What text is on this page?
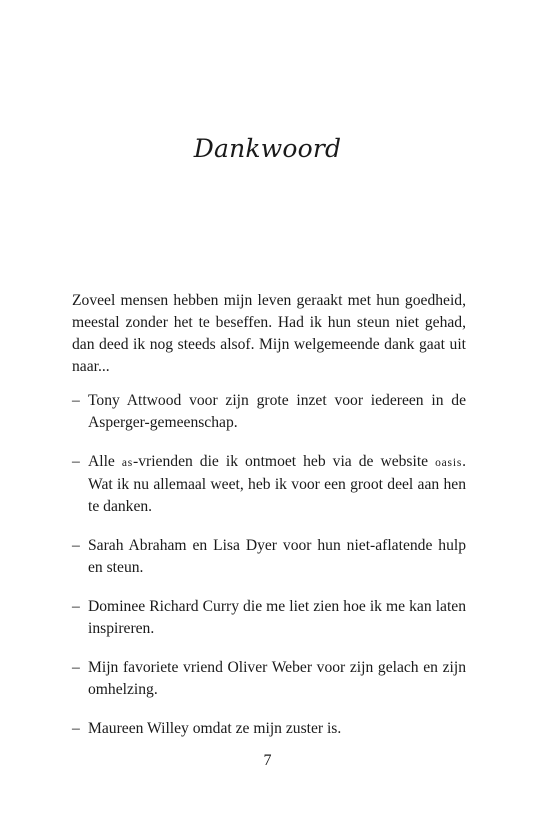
Dankwoord

Zoveel mensen hebben mijn leven geraakt met hun goedheid, meestal zonder het te beseffen. Had ik hun steun niet gehad, dan deed ik nog steeds alsof. Mijn welgemeende dank gaat uit naar...

– Tony Attwood voor zijn grote inzet voor iedereen in de Asperger-gemeenschap.
– Alle as-vrienden die ik ontmoet heb via de website oasis. Wat ik nu allemaal weet, heb ik voor een groot deel aan hen te danken.
– Sarah Abraham en Lisa Dyer voor hun niet-aflatende hulp en steun.
– Dominee Richard Curry die me liet zien hoe ik me kan laten inspireren.
– Mijn favoriete vriend Oliver Weber voor zijn gelach en zijn omhelzing.
– Maureen Willey omdat ze mijn zuster is.
7
